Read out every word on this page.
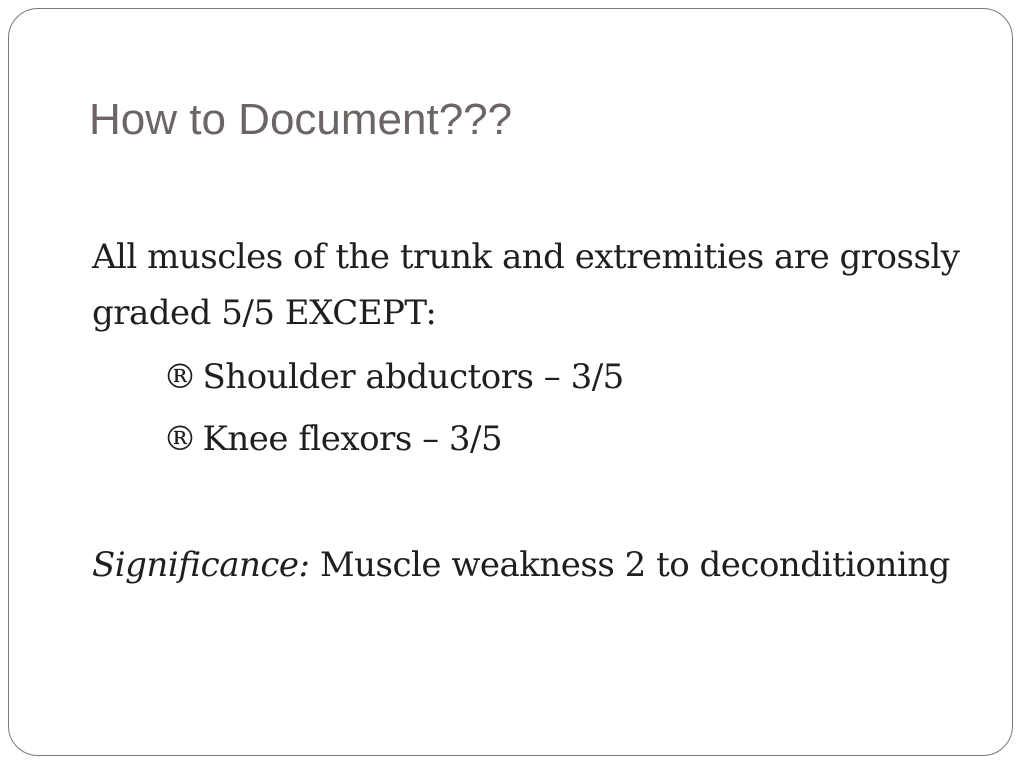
How to Document???
All muscles of the trunk and extremities are grossly
graded 5/5 EXCEPT:
® Shoulder abductors – 3/5
® Knee flexors – 3/5
Significance: Muscle weakness 2 to deconditioning
